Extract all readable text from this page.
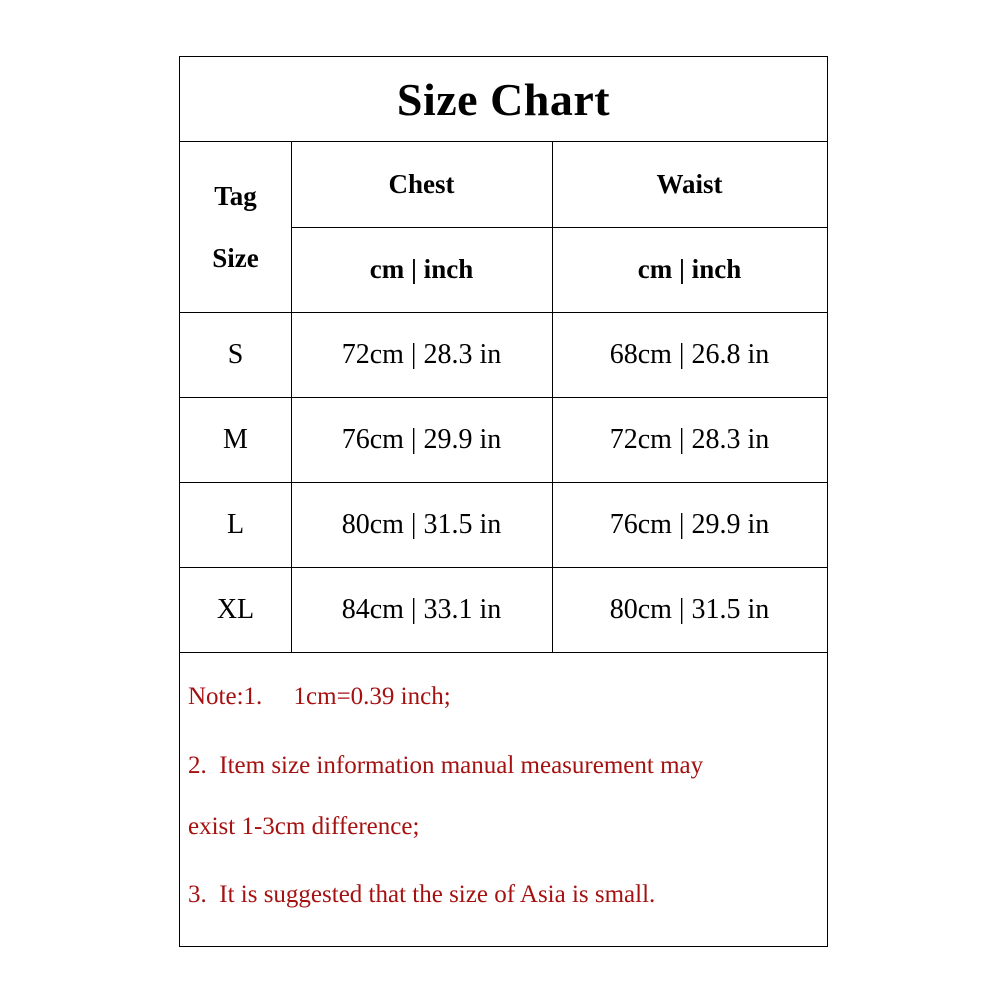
Size Chart
Tag
Size
Chest	Waist
cm | inch	cm | inch
S	72cm | 28.3 in	68cm | 26.8 in
M	76cm | 29.9 in	72cm | 28.3 in
L	80cm | 31.5 in	76cm | 29.9 in
XL	84cm | 33.1 in	80cm | 31.5 in
Note:1.     1cm=0.39 inch;
2.  Item size information manual measurement may
exist 1-3cm difference;
3.  It is suggested that the size of Asia is small.
